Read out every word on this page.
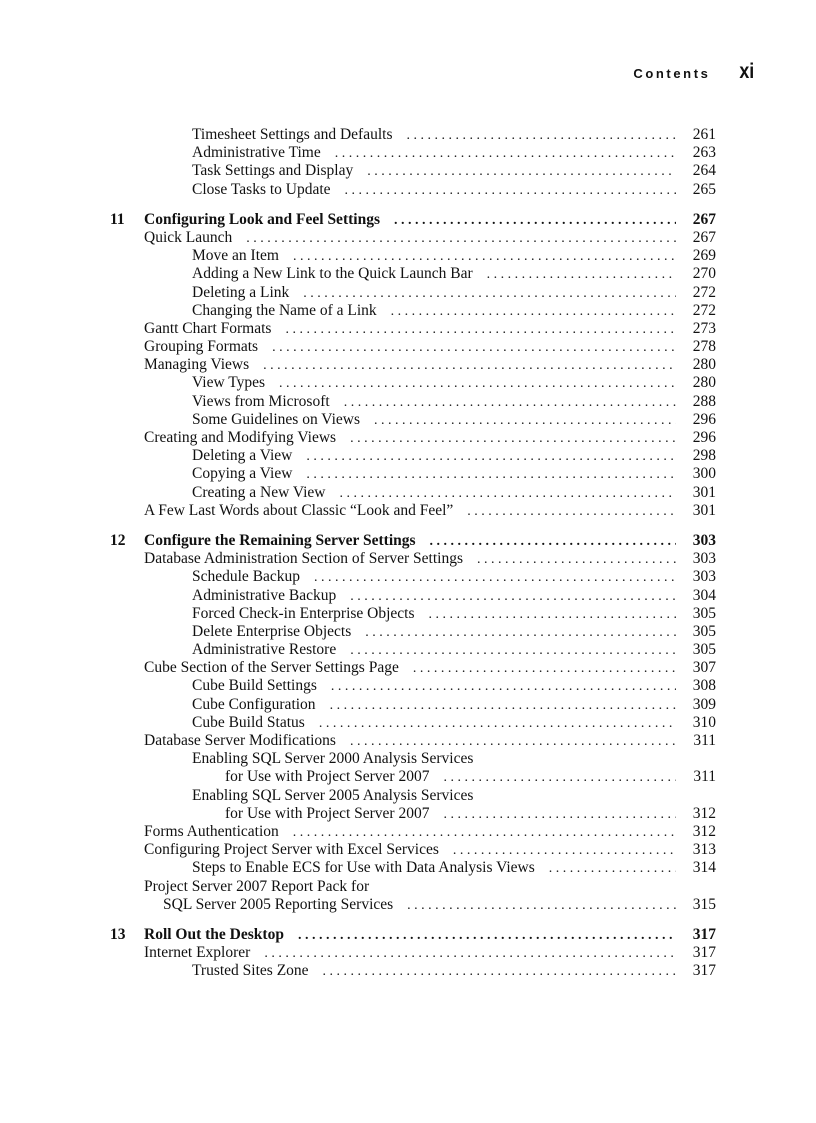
Contents xi
Timesheet Settings and Defaults . . .	261
Administrative Time . . .	263
Task Settings and Display . . .	264
Close Tasks to Update . . .	265
11	Configuring Look and Feel Settings . . .	267
Quick Launch . . .	267
Move an Item . . .	269
Adding a New Link to the Quick Launch Bar . . .	270
Deleting a Link . . .	272
Changing the Name of a Link . . .	272
Gantt Chart Formats . . .	273
Grouping Formats . . .	278
Managing Views . . .	280
View Types . . .	280
Views from Microsoft . . .	288
Some Guidelines on Views . . .	296
Creating and Modifying Views . . .	296
Deleting a View . . .	298
Copying a View . . .	300
Creating a New View . . .	301
A Few Last Words about Classic “Look and Feel” . . .	301
12	Configure the Remaining Server Settings . . .	303
Database Administration Section of Server Settings . . .	303
Schedule Backup . . .	303
Administrative Backup . . .	304
Forced Check-in Enterprise Objects . . .	305
Delete Enterprise Objects . . .	305
Administrative Restore . . .	305
Cube Section of the Server Settings Page . . .	307
Cube Build Settings . . .	308
Cube Configuration . . .	309
Cube Build Status . . .	310
Database Server Modifications . . .	311
Enabling SQL Server 2000 Analysis Services
for Use with Project Server 2007 . . .	311
Enabling SQL Server 2005 Analysis Services
for Use with Project Server 2007 . . .	312
Forms Authentication . . .	312
Configuring Project Server with Excel Services . . .	313
Steps to Enable ECS for Use with Data Analysis Views . . .	314
Project Server 2007 Report Pack for
SQL Server 2005 Reporting Services . . .	315
13	Roll Out the Desktop . . .	317
Internet Explorer . . .	317
Trusted Sites Zone . . .	317
